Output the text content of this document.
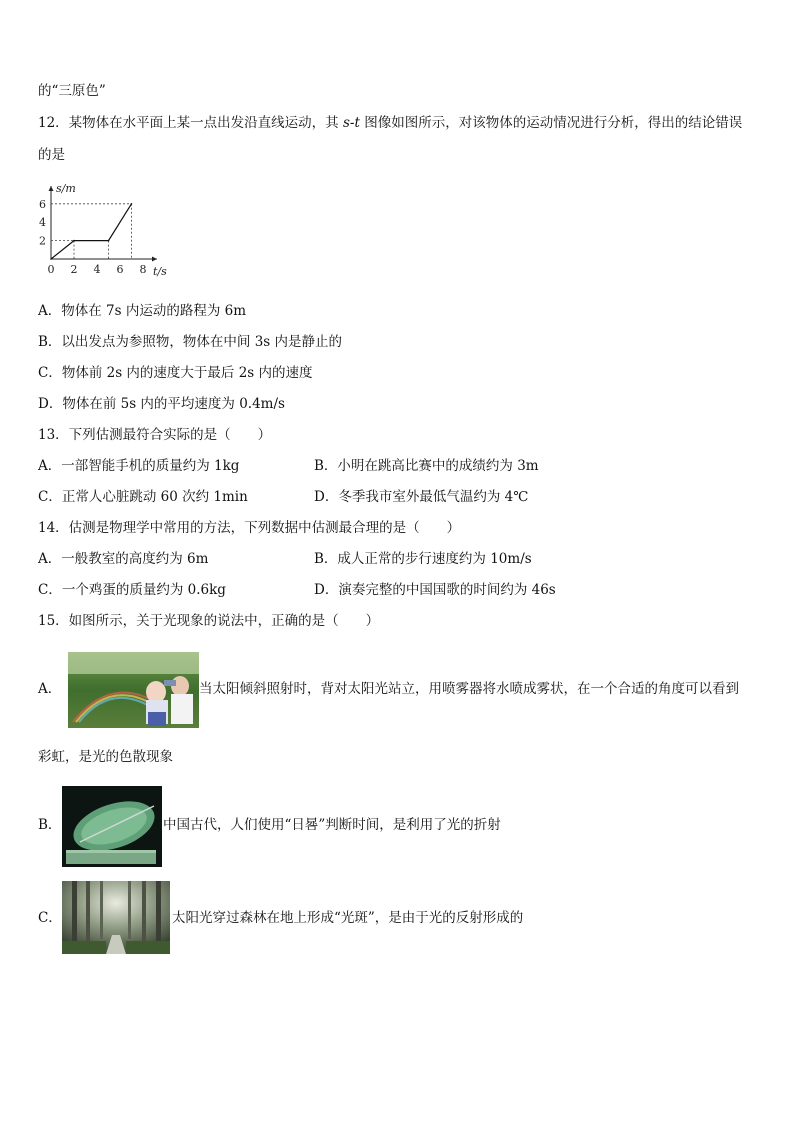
的“三原色”
12．某物体在水平面上某一点出发沿直线运动，其 s-t 图像如图所示，对该物体的运动情况进行分析，得出的结论错误
的是
s/m
t/s
6
4
2
0 2 4 6 8
A．物体在 7s 内运动的路程为 6m
B．以出发点为参照物，物体在中间 3s 内是静止的
C．物体前 2s 内的速度大于最后 2s 内的速度
D．物体在前 5s 内的平均速度为 0.4m/s
13．下列估测最符合实际的是（　　）
A．一部智能手机的质量约为 1kg	B．小明在跳高比赛中的成绩约为 3m
C．正常人心脏跳动 60 次约 1min	D．冬季我市室外最低气温约为 4℃
14．估测是物理学中常用的方法，下列数据中估测最合理的是（　　）
A．一般教室的高度约为 6m	B．成人正常的步行速度约为 10m/s
C．一个鸡蛋的质量约为 0.6kg	D．演奏完整的中国国歌的时间约为 46s
15．如图所示，关于光现象的说法中，正确的是（　　）
A．	当太阳倾斜照射时，背对太阳光站立，用喷雾器将水喷成雾状，在一个合适的角度可以看到
彩虹，是光的色散现象
B．	中国古代，人们使用“日晷”判断时间，是利用了光的折射
C．	太阳光穿过森林在地上形成“光斑”，是由于光的反射形成的
